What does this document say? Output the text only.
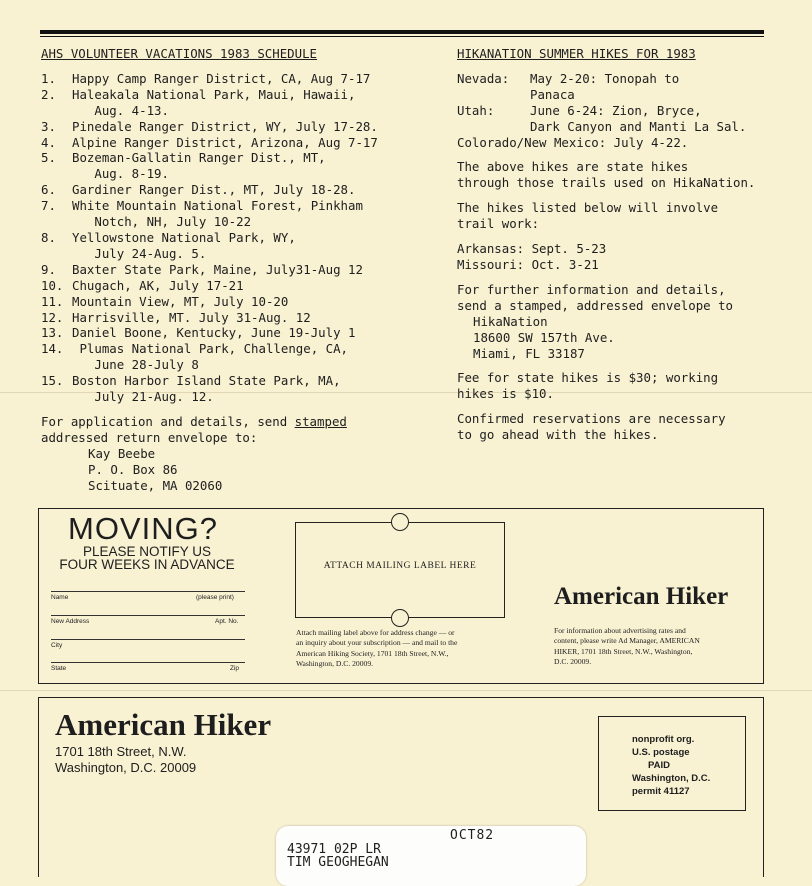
AHS VOLUNTEER VACATIONS 1983 SCHEDULE
1.	Happy Camp Ranger District, CA, Aug 7-17
2.	Haleakala National Park, Maui, Hawaii,
Aug. 4-13.
3.	Pinedale Ranger District, WY, July 17-28.
4.	Alpine Ranger District, Arizona, Aug 7-17
5.	Bozeman-Gallatin Ranger Dist., MT,
Aug. 8-19.
6.	Gardiner Ranger Dist., MT, July 18-28.
7.	White Mountain National Forest, Pinkham
Notch, NH, July 10-22
8.	Yellowstone National Park, WY,
July 24-Aug. 5.
9.	Baxter State Park, Maine, July31-Aug 12
10. Chugach, AK, July 17-21
11. Mountain View, MT, July 10-20
12. Harrisville, MT. July 31-Aug. 12
13. Daniel Boone, Kentucky, June 19-July 1
14. Plumas National Park, Challenge, CA,
June 28-July 8
15. Boston Harbor Island State Park, MA,
July 21-Aug. 12.
For application and details, send stamped
addressed return envelope to:
Kay Beebe
P. O. Box 86
Scituate, MA 02060
HIKANATION SUMMER HIKES FOR 1983
Nevada:	May 2-20: Tonopah to
Panaca
Utah:	June 6-24: Zion, Bryce,
Dark Canyon and Manti La Sal.
Colorado/New Mexico: July 4-22.
The above hikes are state hikes
through those trails used on HikaNation.
The hikes listed below will involve
trail work:
Arkansas: Sept. 5-23
Missouri: Oct. 3-21
For further information and details,
send a stamped, addressed envelope to
HikaNation
18600 SW 157th Ave.
Miami, FL 33187
Fee for state hikes is $30; working
hikes is $10.
Confirmed reservations are necessary
to go ahead with the hikes.
MOVING?
PLEASE NOTIFY US
FOUR WEEKS IN ADVANCE
Name	(please print)
New Address	Apt. No.
City
State	Zip
ATTACH MAILING LABEL HERE
Attach mailing label above for address change — or
an inquiry about your subscription — and mail to the
American Hiking Society, 1701 18th Street, N.W.,
Washington, D.C. 20009.
American Hiker
For information about advertising rates and
content, please write Ad Manager, AMERICAN
HIKER, 1701 18th Street, N.W., Washington,
D.C. 20009.
American Hiker
1701 18th Street, N.W.
Washington, D.C. 20009
nonprofit org.
U.S. postage
PAID
Washington, D.C.
permit 41127
OCT82
43971 02P LR
TIM GEOGHEGAN
